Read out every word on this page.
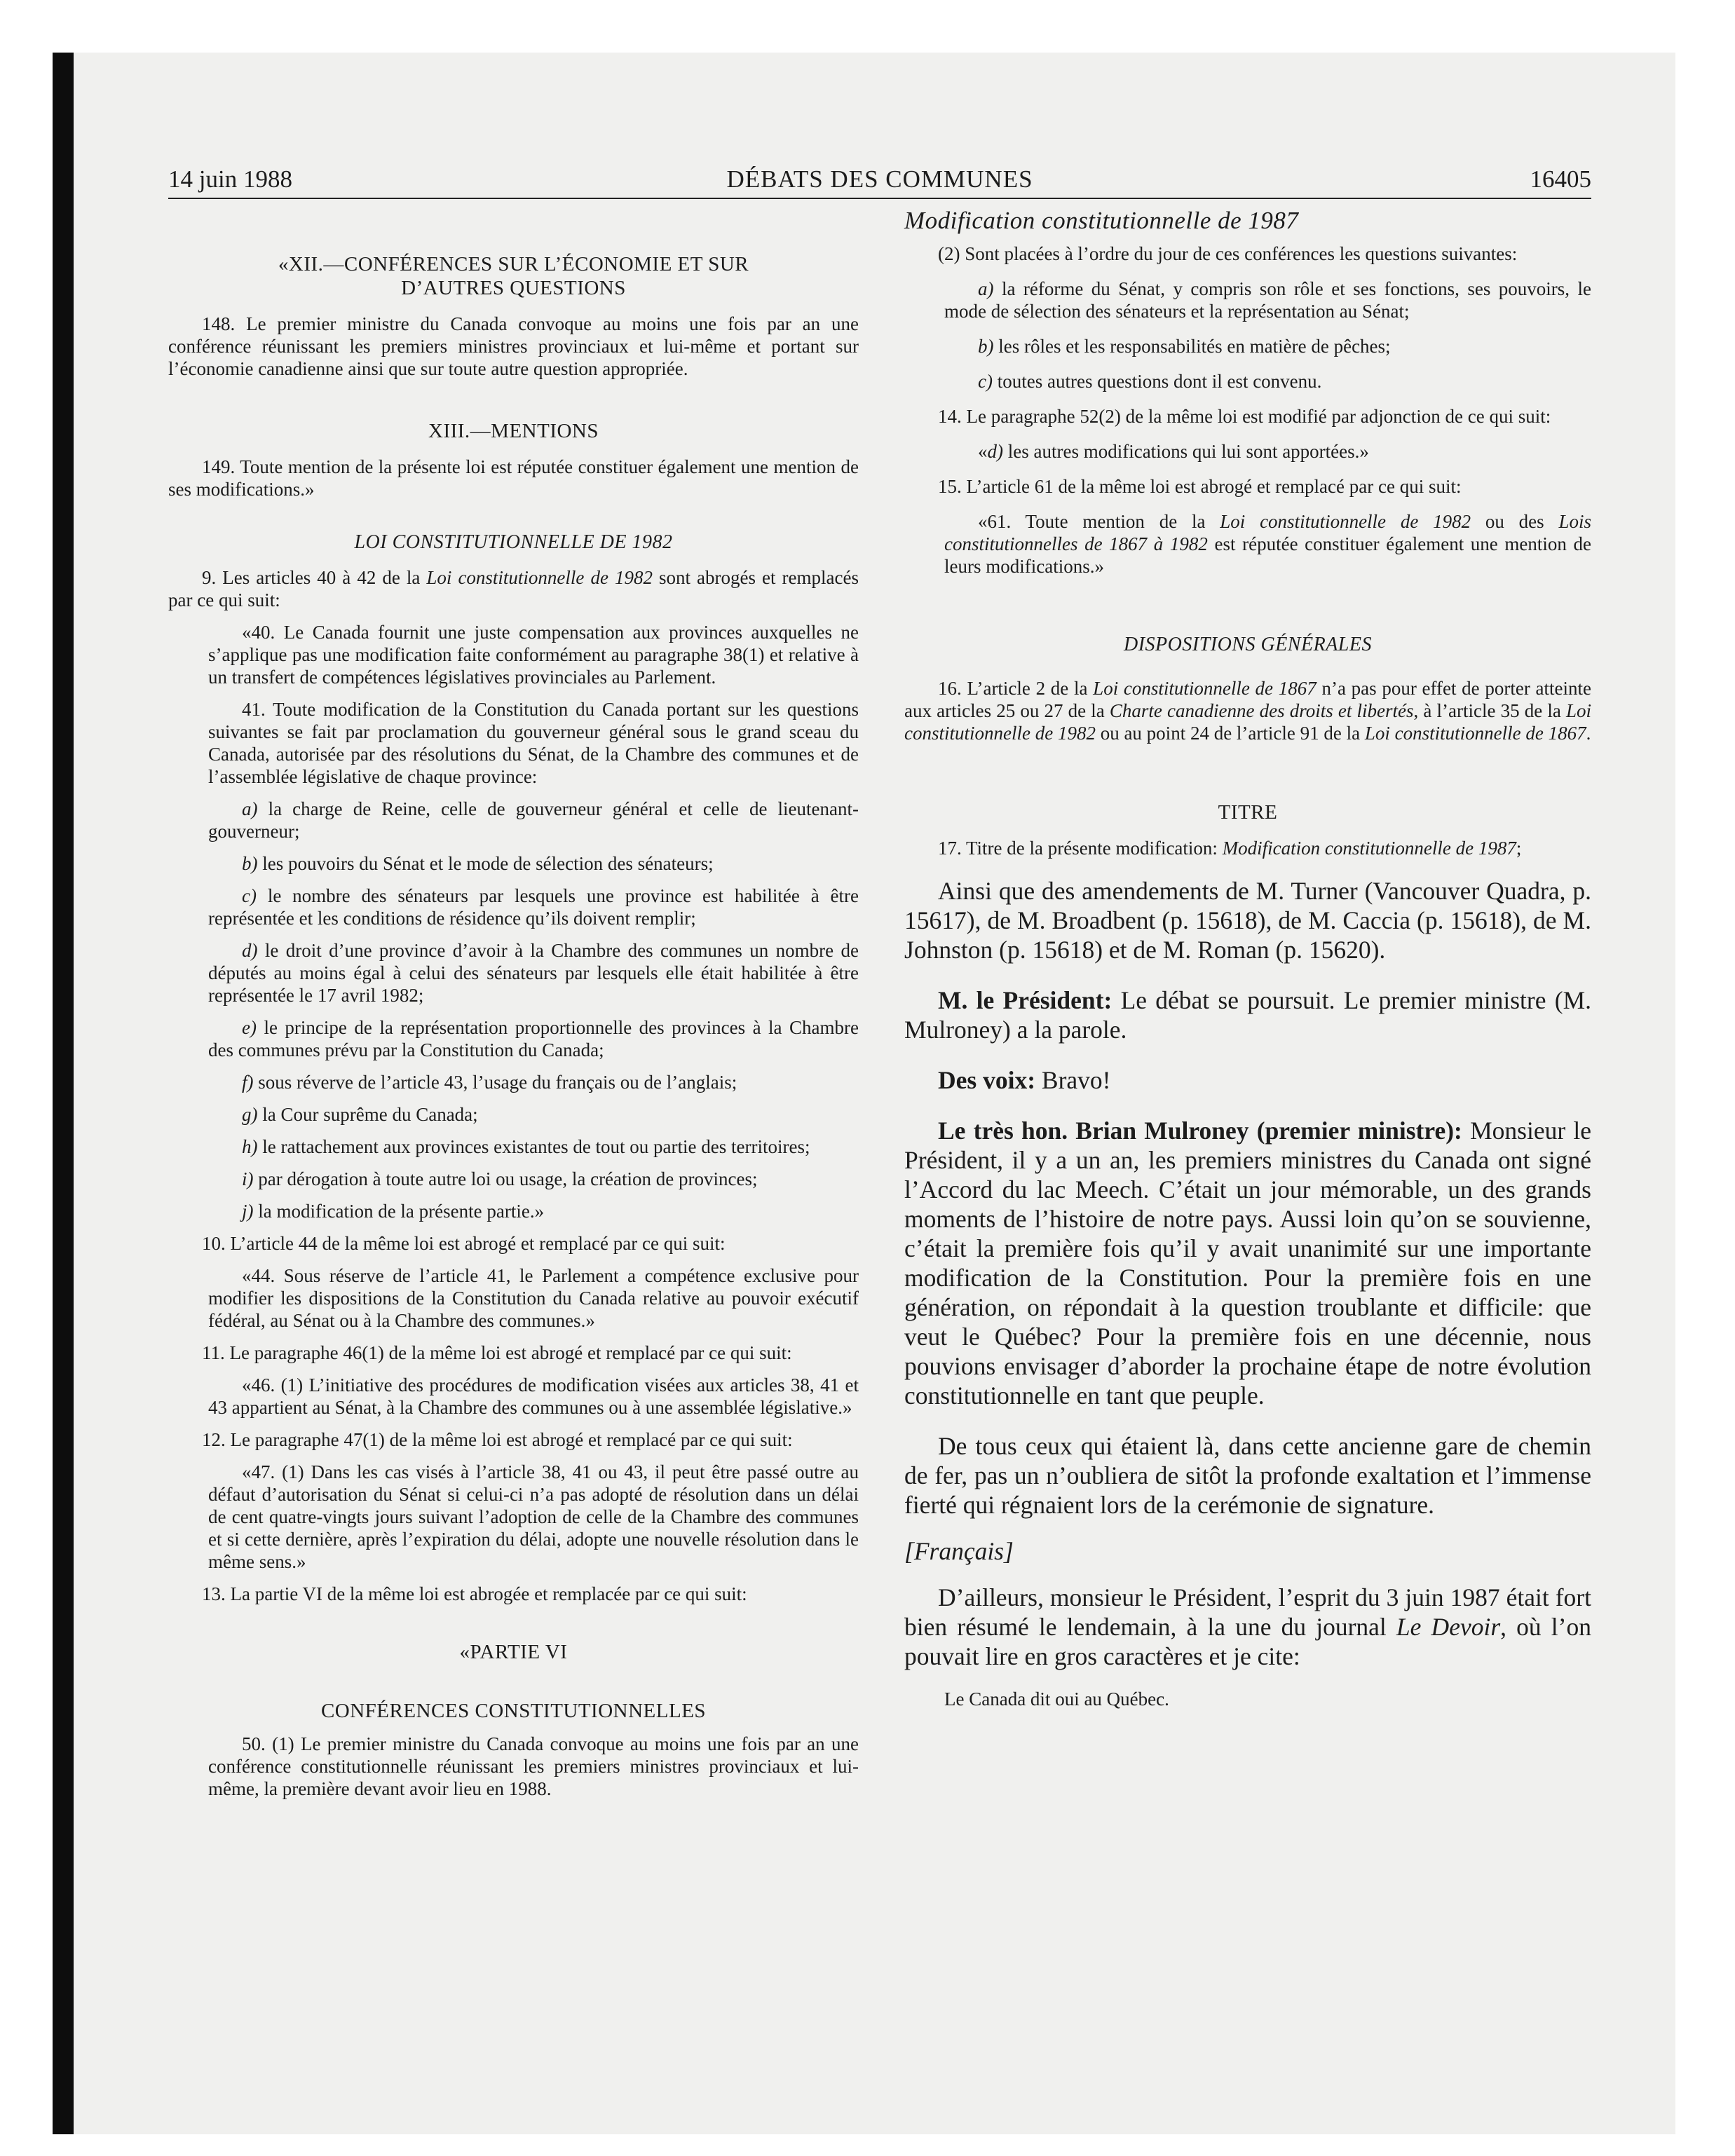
14 juin 1988	DÉBATS DES COMMUNES	16405

«XII.—CONFÉRENCES SUR L’ÉCONOMIE ET SUR D’AUTRES QUESTIONS

148. Le premier ministre du Canada convoque au moins une fois par an une conférence réunissant les premiers ministres provinciaux et lui-même et portant sur l’économie canadienne ainsi que sur toute autre question appropriée.

XIII.—MENTIONS

149. Toute mention de la présente loi est réputée constituer également une mention de ses modifications.»

LOI CONSTITUTIONNELLE DE 1982

9. Les articles 40 à 42 de la Loi constitutionnelle de 1982 sont abrogés et remplacés par ce qui suit:

«40. Le Canada fournit une juste compensation aux provinces auxquelles ne s’applique pas une modification faite conformément au paragraphe 38(1) et relative à un transfert de compétences législatives provinciales au Parlement.

41. Toute modification de la Constitution du Canada portant sur les questions suivantes se fait par proclamation du gouverneur général sous le grand sceau du Canada, autorisée par des résolutions du Sénat, de la Chambre des communes et de l’assemblée législative de chaque province:

a) la charge de Reine, celle de gouverneur général et celle de lieutenant-gouverneur;

b) les pouvoirs du Sénat et le mode de sélection des sénateurs;

c) le nombre des sénateurs par lesquels une province est habilitée à être représentée et les conditions de résidence qu’ils doivent remplir;

d) le droit d’une province d’avoir à la Chambre des communes un nombre de députés au moins égal à celui des sénateurs par lesquels elle était habilitée à être représentée le 17 avril 1982;

e) le principe de la représentation proportionnelle des provinces à la Chambre des communes prévu par la Constitution du Canada;

f) sous réverve de l’article 43, l’usage du français ou de l’anglais;

g) la Cour suprême du Canada;

h) le rattachement aux provinces existantes de tout ou partie des territoires;

i) par dérogation à toute autre loi ou usage, la création de provinces;

j) la modification de la présente partie.»

10. L’article 44 de la même loi est abrogé et remplacé par ce qui suit:

«44. Sous réserve de l’article 41, le Parlement a compétence exclusive pour modifier les dispositions de la Constitution du Canada relative au pouvoir exécutif fédéral, au Sénat ou à la Chambre des communes.»

11. Le paragraphe 46(1) de la même loi est abrogé et remplacé par ce qui suit:

«46. (1) L’initiative des procédures de modification visées aux articles 38, 41 et 43 appartient au Sénat, à la Chambre des communes ou à une assemblée législative.»

12. Le paragraphe 47(1) de la même loi est abrogé et remplacé par ce qui suit:

«47. (1) Dans les cas visés à l’article 38, 41 ou 43, il peut être passé outre au défaut d’autorisation du Sénat si celui-ci n’a pas adopté de résolution dans un délai de cent quatre-vingts jours suivant l’adoption de celle de la Chambre des communes et si cette dernière, après l’expiration du délai, adopte une nouvelle résolution dans le même sens.»

13. La partie VI de la même loi est abrogée et remplacée par ce qui suit:

«PARTIE VI

CONFÉRENCES CONSTITUTIONNELLES

50. (1) Le premier ministre du Canada convoque au moins une fois par an une conférence constitutionnelle réunissant les premiers ministres provinciaux et lui-même, la première devant avoir lieu en 1988.

Modification constitutionnelle de 1987

(2) Sont placées à l’ordre du jour de ces conférences les questions suivantes:

a) la réforme du Sénat, y compris son rôle et ses fonctions, ses pouvoirs, le mode de sélection des sénateurs et la représentation au Sénat;

b) les rôles et les responsabilités en matière de pêches;

c) toutes autres questions dont il est convenu.

14. Le paragraphe 52(2) de la même loi est modifié par adjonction de ce qui suit:

«d) les autres modifications qui lui sont apportées.»

15. L’article 61 de la même loi est abrogé et remplacé par ce qui suit:

«61. Toute mention de la Loi constitutionnelle de 1982 ou des Lois constitutionnelles de 1867 à 1982 est réputée constituer également une mention de leurs modifications.»

DISPOSITIONS GÉNÉRALES

16. L’article 2 de la Loi constitutionnelle de 1867 n’a pas pour effet de porter atteinte aux articles 25 ou 27 de la Charte canadienne des droits et libertés, à l’article 35 de la Loi constitutionnelle de 1982 ou au point 24 de l’article 91 de la Loi constitutionnelle de 1867.

TITRE

17. Titre de la présente modification: Modification constitutionnelle de 1987;

Ainsi que des amendements de M. Turner (Vancouver Quadra, p. 15617), de M. Broadbent (p. 15618), de M. Caccia (p. 15618), de M. Johnston (p. 15618) et de M. Roman (p. 15620).

M. le Président: Le débat se poursuit. Le premier ministre (M. Mulroney) a la parole.

Des voix: Bravo!

Le très hon. Brian Mulroney (premier ministre): Monsieur le Président, il y a un an, les premiers ministres du Canada ont signé l’Accord du lac Meech. C’était un jour mémorable, un des grands moments de l’histoire de notre pays. Aussi loin qu’on se souvienne, c’était la première fois qu’il y avait unanimité sur une importante modification de la Constitution. Pour la première fois en une génération, on répondait à la question troublante et difficile: que veut le Québec? Pour la première fois en une décennie, nous pouvions envisager d’aborder la prochaine étape de notre évolution constitutionnelle en tant que peuple.

De tous ceux qui étaient là, dans cette ancienne gare de chemin de fer, pas un n’oubliera de sitôt la profonde exaltation et l’immense fierté qui régnaient lors de la cerémonie de signature.

[Français]

D’ailleurs, monsieur le Président, l’esprit du 3 juin 1987 était fort bien résumé le lendemain, à la une du journal Le Devoir, où l’on pouvait lire en gros caractères et je cite:

Le Canada dit oui au Québec.
